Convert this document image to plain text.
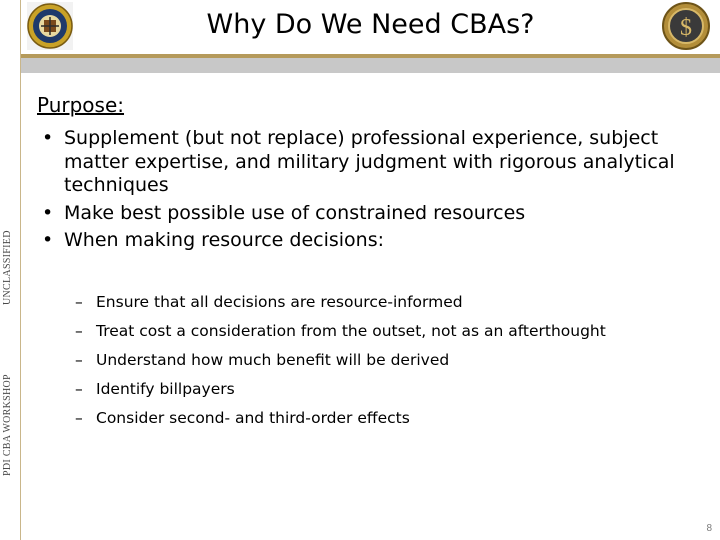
UNCLASSIFIED
PDI CBA WORKSHOP
Why Do We Need CBAs?	$
Purpose:
• Supplement (but not replace) professional experience, subject matter expertise, and military judgment with rigorous analytical techniques
• Make best possible use of constrained resources
• When making resource decisions:
– Ensure that all decisions are resource-informed
– Treat cost a consideration from the outset, not as an afterthought
– Understand how much benefit will be derived
– Identify billpayers
– Consider second- and third-order effects
8
